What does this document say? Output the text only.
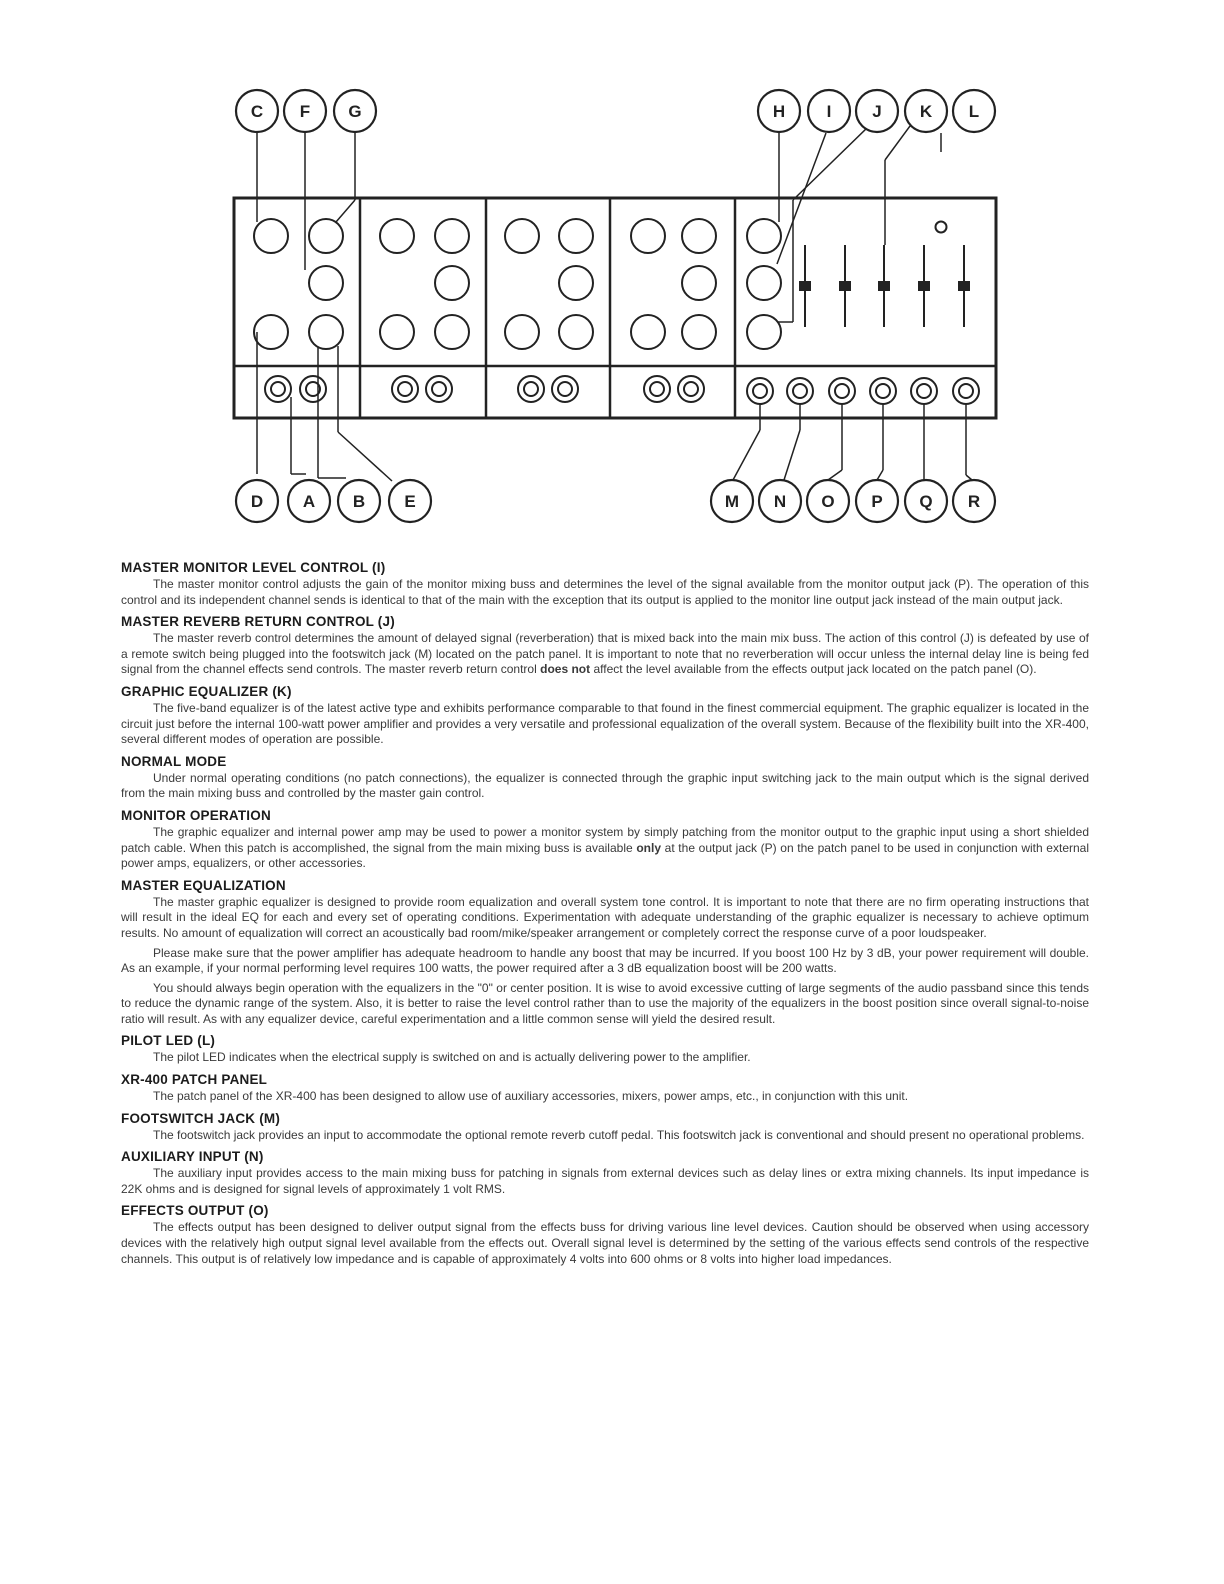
C F G	H I J K L
D A B E	M N O P Q R
MASTER MONITOR LEVEL CONTROL (I)

The master monitor control adjusts the gain of the monitor mixing buss and determines the level of the signal available from the monitor output jack (P). The operation of this control and its independent channel sends is identical to that of the main with the exception that its output is applied to the monitor line output jack instead of the main output jack.

MASTER REVERB RETURN CONTROL (J)

The master reverb control determines the amount of delayed signal (reverberation) that is mixed back into the main mix buss. The action of this control (J) is defeated by use of a remote switch being plugged into the footswitch jack (M) located on the patch panel. It is important to note that no reverberation will occur unless the internal delay line is being fed signal from the channel effects send controls. The master reverb return control does not affect the level available from the effects output jack located on the patch panel (O).

GRAPHIC EQUALIZER (K)

The five-band equalizer is of the latest active type and exhibits performance comparable to that found in the finest commercial equipment. The graphic equalizer is located in the circuit just before the internal 100-watt power amplifier and provides a very versatile and professional equalization of the overall system. Because of the flexibility built into the XR-400, several different modes of operation are possible.

NORMAL MODE

Under normal operating conditions (no patch connections), the equalizer is connected through the graphic input switching jack to the main output which is the signal derived from the main mixing buss and controlled by the master gain control.

MONITOR OPERATION

The graphic equalizer and internal power amp may be used to power a monitor system by simply patching from the monitor output to the graphic input using a short shielded patch cable. When this patch is accomplished, the signal from the main mixing buss is available only at the output jack (P) on the patch panel to be used in conjunction with external power amps, equalizers, or other accessories.

MASTER EQUALIZATION

The master graphic equalizer is designed to provide room equalization and overall system tone control. It is important to note that there are no firm operating instructions that will result in the ideal EQ for each and every set of operating conditions. Experimentation with adequate understanding of the graphic equalizer is necessary to achieve optimum results. No amount of equalization will correct an acoustically bad room/mike/speaker arrangement or completely correct the response curve of a poor loudspeaker.

Please make sure that the power amplifier has adequate headroom to handle any boost that may be incurred. If you boost 100 Hz by 3 dB, your power requirement will double. As an example, if your normal performing level requires 100 watts, the power required after a 3 dB equalization boost will be 200 watts.

You should always begin operation with the equalizers in the "0" or center position. It is wise to avoid excessive cutting of large segments of the audio passband since this tends to reduce the dynamic range of the system. Also, it is better to raise the level control rather than to use the majority of the equalizers in the boost position since overall signal-to-noise ratio will result. As with any equalizer device, careful experimentation and a little common sense will yield the desired result.

PILOT LED (L)

The pilot LED indicates when the electrical supply is switched on and is actually delivering power to the amplifier.

XR-400 PATCH PANEL

The patch panel of the XR-400 has been designed to allow use of auxiliary accessories, mixers, power amps, etc., in conjunction with this unit.

FOOTSWITCH JACK (M)

The footswitch jack provides an input to accommodate the optional remote reverb cutoff pedal. This footswitch jack is conventional and should present no operational problems.

AUXILIARY INPUT (N)

The auxiliary input provides access to the main mixing buss for patching in signals from external devices such as delay lines or extra mixing channels. Its input impedance is 22K ohms and is designed for signal levels of approximately 1 volt RMS.

EFFECTS OUTPUT (O)

The effects output has been designed to deliver output signal from the effects buss for driving various line level devices. Caution should be observed when using accessory devices with the relatively high output signal level available from the effects out. Overall signal level is determined by the setting of the various effects send controls of the respective channels. This output is of relatively low impedance and is capable of approximately 4 volts into 600 ohms or 8 volts into higher load impedances.
